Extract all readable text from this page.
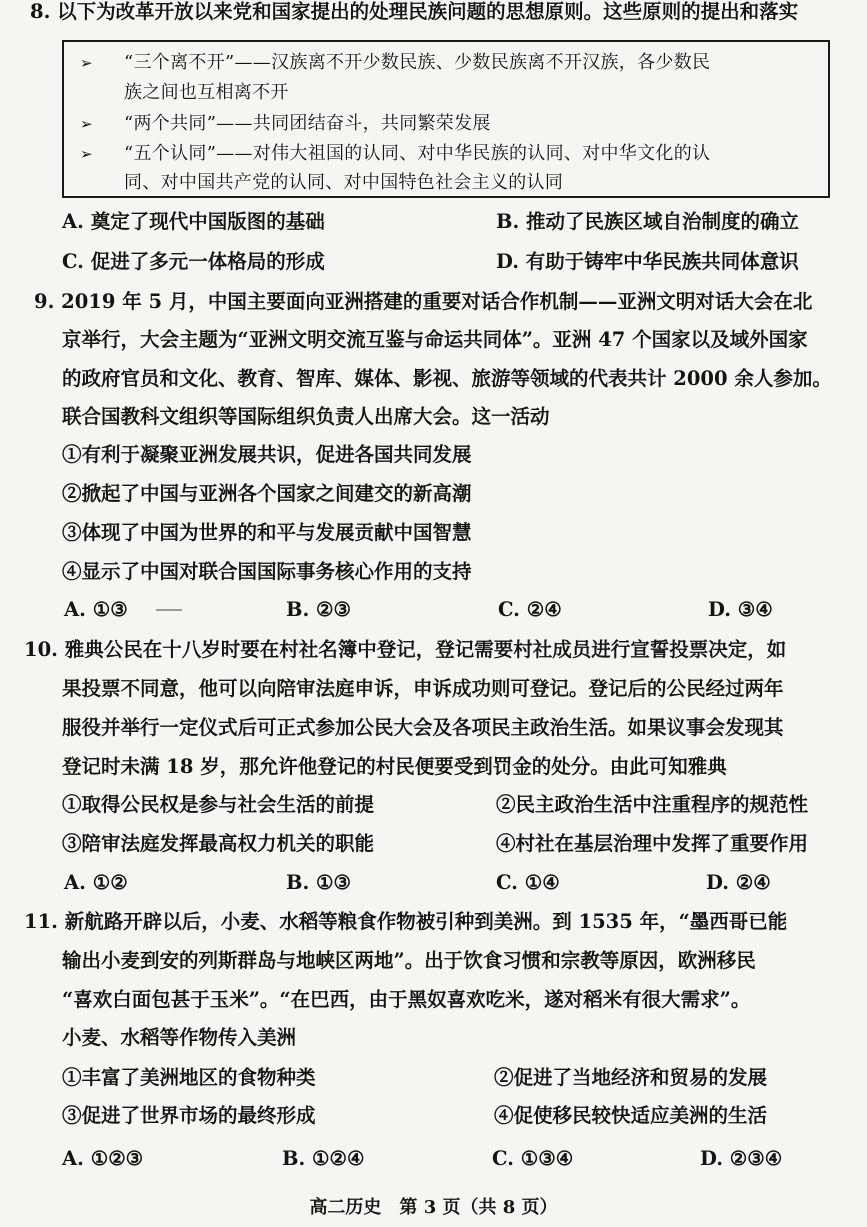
8. 以下为改革开放以来党和国家提出的处理民族问题的思想原则。这些原则的提出和落实
➢ “三个离不开”——汉族离不开少数民族、少数民族离不开汉族，各少数民
族之间也互相离不开
➢ “两个共同”——共同团结奋斗，共同繁荣发展
➢ “五个认同”——对伟大祖国的认同、对中华民族的认同、对中华文化的认
同、对中国共产党的认同、对中国特色社会主义的认同
A. 奠定了现代中国版图的基础	B. 推动了民族区域自治制度的确立
C. 促进了多元一体格局的形成	D. 有助于铸牢中华民族共同体意识
9. 2019 年 5 月，中国主要面向亚洲搭建的重要对话合作机制——亚洲文明对话大会在北
京举行，大会主题为“亚洲文明交流互鉴与命运共同体”。亚洲 47 个国家以及域外国家
的政府官员和文化、教育、智库、媒体、影视、旅游等领域的代表共计 2000 余人参加。
联合国教科文组织等国际组织负责人出席大会。这一活动
①有利于凝聚亚洲发展共识，促进各国共同发展
②掀起了中国与亚洲各个国家之间建交的新高潮
③体现了中国为世界的和平与发展贡献中国智慧
④显示了中国对联合国国际事务核心作用的支持
A. ①③	B. ②③	C. ②④	D. ③④
10. 雅典公民在十八岁时要在村社名簿中登记，登记需要村社成员进行宣誓投票决定，如
果投票不同意，他可以向陪审法庭申诉，申诉成功则可登记。登记后的公民经过两年
服役并举行一定仪式后可正式参加公民大会及各项民主政治生活。如果议事会发现其
登记时未满 18 岁，那允许他登记的村民便要受到罚金的处分。由此可知雅典
①取得公民权是参与社会生活的前提	②民主政治生活中注重程序的规范性
③陪审法庭发挥最高权力机关的职能	④村社在基层治理中发挥了重要作用
A. ①②	B. ①③	C. ①④	D. ②④
11. 新航路开辟以后，小麦、水稻等粮食作物被引种到美洲。到 1535 年，“墨西哥已能
输出小麦到安的列斯群岛与地峡区两地”。出于饮食习惯和宗教等原因，欧洲移民
“喜欢白面包甚于玉米”。“在巴西，由于黑奴喜欢吃米，遂对稻米有很大需求”。
小麦、水稻等作物传入美洲
①丰富了美洲地区的食物种类	②促进了当地经济和贸易的发展
③促进了世界市场的最终形成	④促使移民较快适应美洲的生活
A. ①②③	B. ①②④	C. ①③④	D. ②③④
高二历史　第 3 页（共 8 页）
